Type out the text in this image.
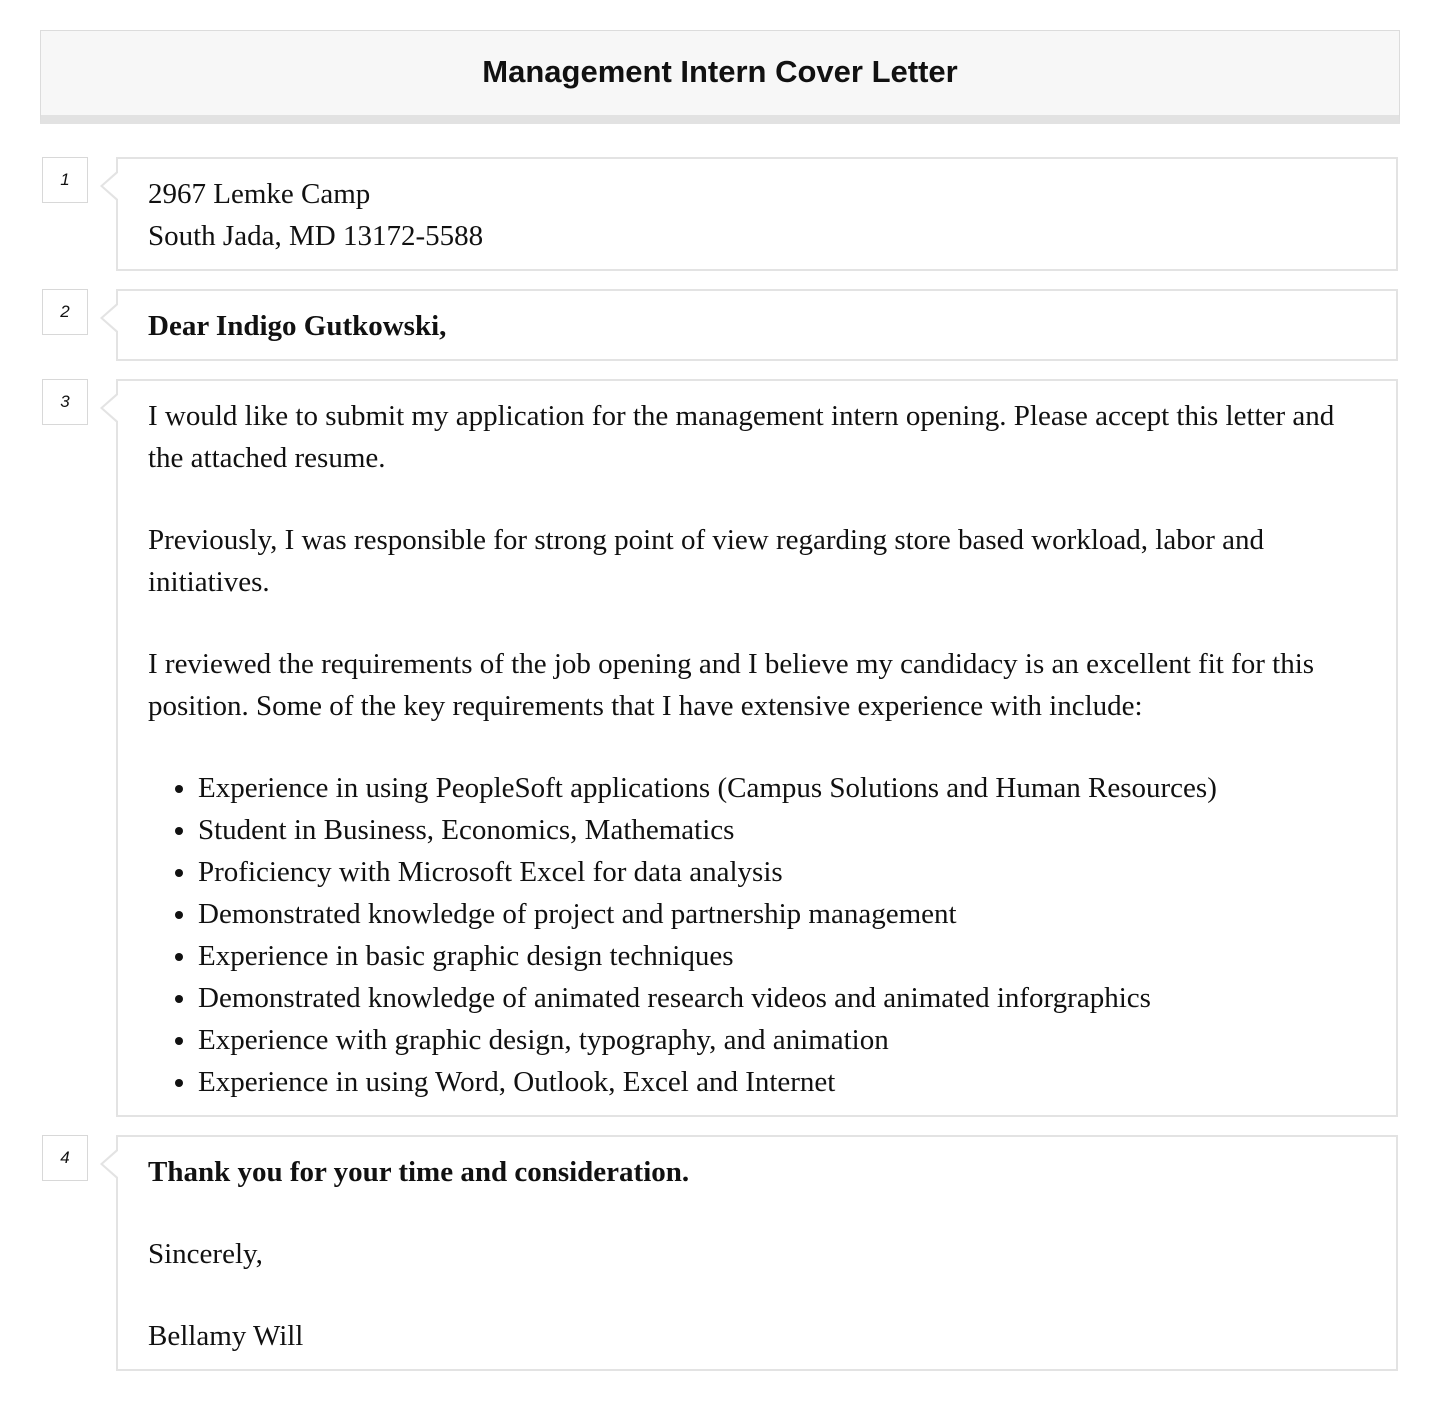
Management Intern Cover Letter
1	2967 Lemke Camp
South Jada, MD 13172-5588
2	Dear Indigo Gutkowski,
3	I would like to submit my application for the management intern opening. Please accept this letter and the attached resume.

Previously, I was responsible for strong point of view regarding store based workload, labor and initiatives.

I reviewed the requirements of the job opening and I believe my candidacy is an excellent fit for this position. Some of the key requirements that I have extensive experience with include:

• Experience in using PeopleSoft applications (Campus Solutions and Human Resources)
• Student in Business, Economics, Mathematics
• Proficiency with Microsoft Excel for data analysis
• Demonstrated knowledge of project and partnership management
• Experience in basic graphic design techniques
• Demonstrated knowledge of animated research videos and animated inforgraphics
• Experience with graphic design, typography, and animation
• Experience in using Word, Outlook, Excel and Internet
4	Thank you for your time and consideration.

Sincerely,

Bellamy Will
